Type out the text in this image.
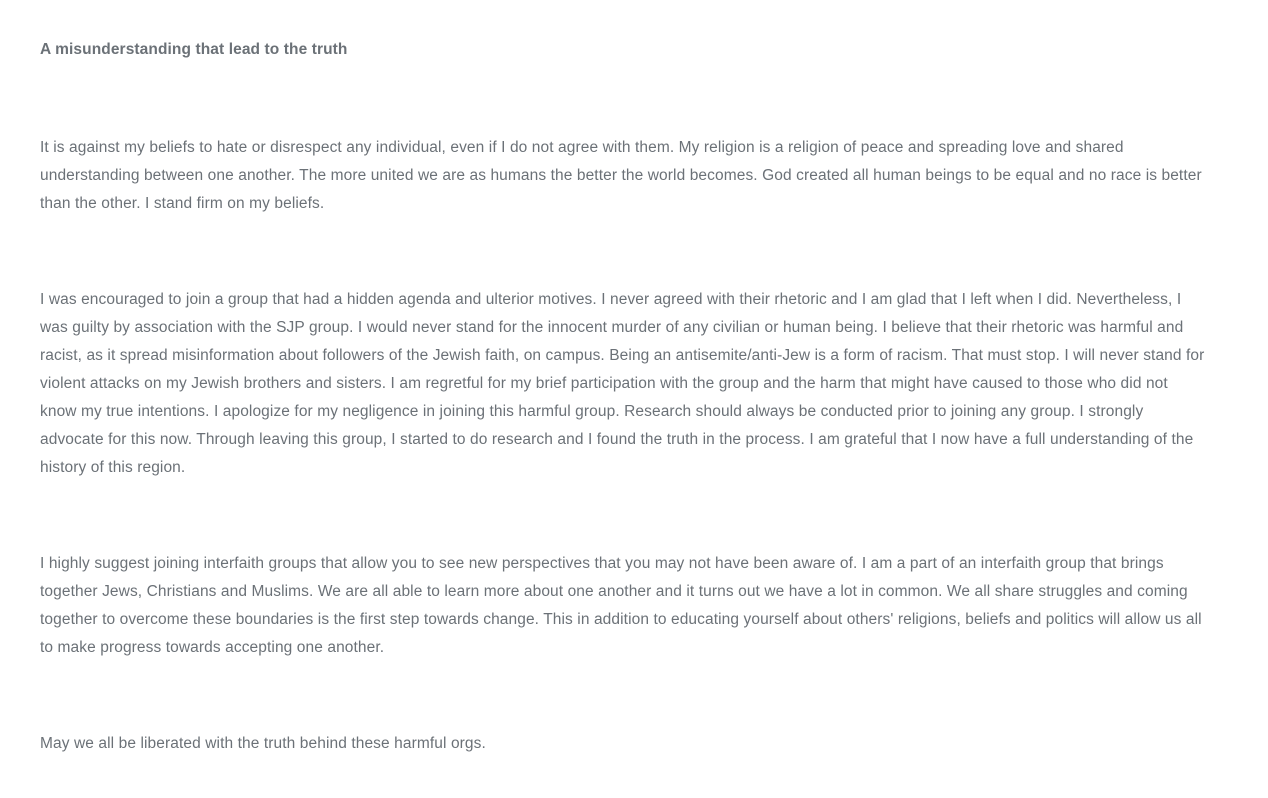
A misunderstanding that lead to the truth

It is against my beliefs to hate or disrespect any individual, even if I do not agree with them. My religion is a religion of peace and spreading love and shared understanding between one another. The more united we are as humans the better the world becomes. God created all human beings to be equal and no race is better than the other. I stand firm on my beliefs.

I was encouraged to join a group that had a hidden agenda and ulterior motives. I never agreed with their rhetoric and I am glad that I left when I did. Nevertheless, I was guilty by association with the SJP group. I would never stand for the innocent murder of any civilian or human being. I believe that their rhetoric was harmful and racist, as it spread misinformation about followers of the Jewish faith, on campus. Being an antisemite/anti-Jew is a form of racism. That must stop. I will never stand for violent attacks on my Jewish brothers and sisters. I am regretful for my brief participation with the group and the harm that might have caused to those who did not know my true intentions. I apologize for my negligence in joining this harmful group. Research should always be conducted prior to joining any group. I strongly advocate for this now. Through leaving this group, I started to do research and I found the truth in the process. I am grateful that I now have a full understanding of the history of this region.

I highly suggest joining interfaith groups that allow you to see new perspectives that you may not have been aware of. I am a part of an interfaith group that brings together Jews, Christians and Muslims. We are all able to learn more about one another and it turns out we have a lot in common. We all share struggles and coming together to overcome these boundaries is the first step towards change. This in addition to educating yourself about others' religions, beliefs and politics will allow us all to make progress towards accepting one another.

May we all be liberated with the truth behind these harmful orgs.
